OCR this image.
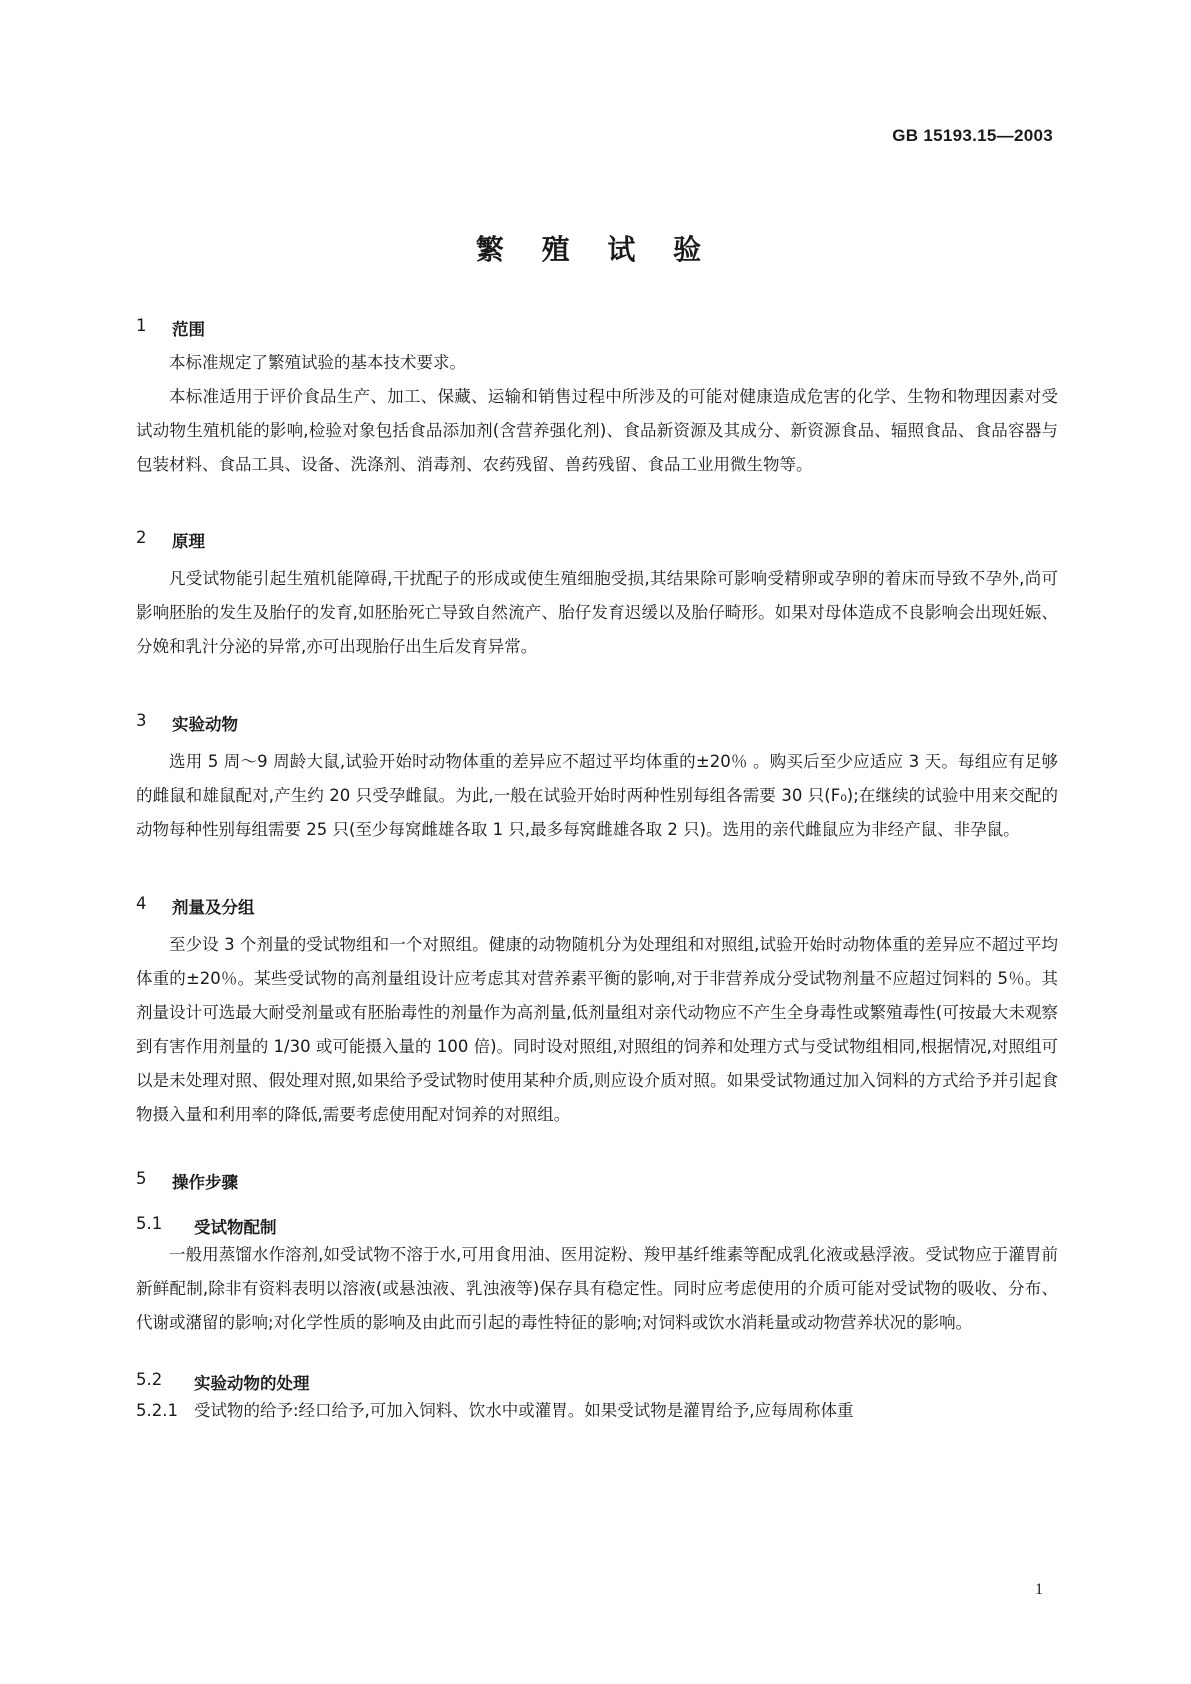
GB 15193.15—2003
繁 殖 试 验
1	范围

本标准规定了繁殖试验的基本技术要求。

本标准适用于评价食品生产、加工、保藏、运输和销售过程中所涉及的可能对健康造成危害的化学、生物和物理因素对受试动物生殖机能的影响,检验对象包括食品添加剂(含营养强化剂)、食品新资源及其成分、新资源食品、辐照食品、食品容器与包装材料、食品工具、设备、洗涤剂、消毒剂、农药残留、兽药残留、食品工业用微生物等。

2	原理

凡受试物能引起生殖机能障碍,干扰配子的形成或使生殖细胞受损,其结果除可影响受精卵或孕卵的着床而导致不孕外,尚可影响胚胎的发生及胎仔的发育,如胚胎死亡导致自然流产、胎仔发育迟缓以及胎仔畸形。如果对母体造成不良影响会出现妊娠、分娩和乳汁分泌的异常,亦可出现胎仔出生后发育异常。

3	实验动物

选用 5 周～9 周龄大鼠,试验开始时动物体重的差异应不超过平均体重的±20％ 。购买后至少应适应 3 天。每组应有足够的雌鼠和雄鼠配对,产生约 20 只受孕雌鼠。为此,一般在试验开始时两种性别每组各需要 30 只(F₀);在继续的试验中用来交配的动物每种性别每组需要 25 只(至少每窝雌雄各取 1 只,最多每窝雌雄各取 2 只)。选用的亲代雌鼠应为非经产鼠、非孕鼠。

4	剂量及分组

至少设 3 个剂量的受试物组和一个对照组。健康的动物随机分为处理组和对照组,试验开始时动物体重的差异应不超过平均体重的±20％。某些受试物的高剂量组设计应考虑其对营养素平衡的影响,对于非营养成分受试物剂量不应超过饲料的 5％。其剂量设计可选最大耐受剂量或有胚胎毒性的剂量作为高剂量,低剂量组对亲代动物应不产生全身毒性或繁殖毒性(可按最大未观察到有害作用剂量的 1/30 或可能摄入量的 100 倍)。同时设对照组,对照组的饲养和处理方式与受试物组相同,根据情况,对照组可以是未处理对照、假处理对照,如果给予受试物时使用某种介质,则应设介质对照。如果受试物通过加入饲料的方式给予并引起食物摄入量和利用率的降低,需要考虑使用配对饲养的对照组。

5	操作步骤
5.1	受试物配制

一般用蒸馏水作溶剂,如受试物不溶于水,可用食用油、医用淀粉、羧甲基纤维素等配成乳化液或悬浮液。受试物应于灌胃前新鲜配制,除非有资料表明以溶液(或悬浊液、乳浊液等)保存具有稳定性。同时应考虑使用的介质可能对受试物的吸收、分布、代谢或潴留的影响;对化学性质的影响及由此而引起的毒性特征的影响;对饲料或饮水消耗量或动物营养状况的影响。

5.2	实验动物的处理

5.2.1 受试物的给予:经口给予,可加入饲料、饮水中或灌胃。如果受试物是灌胃给予,应每周称体重

1
